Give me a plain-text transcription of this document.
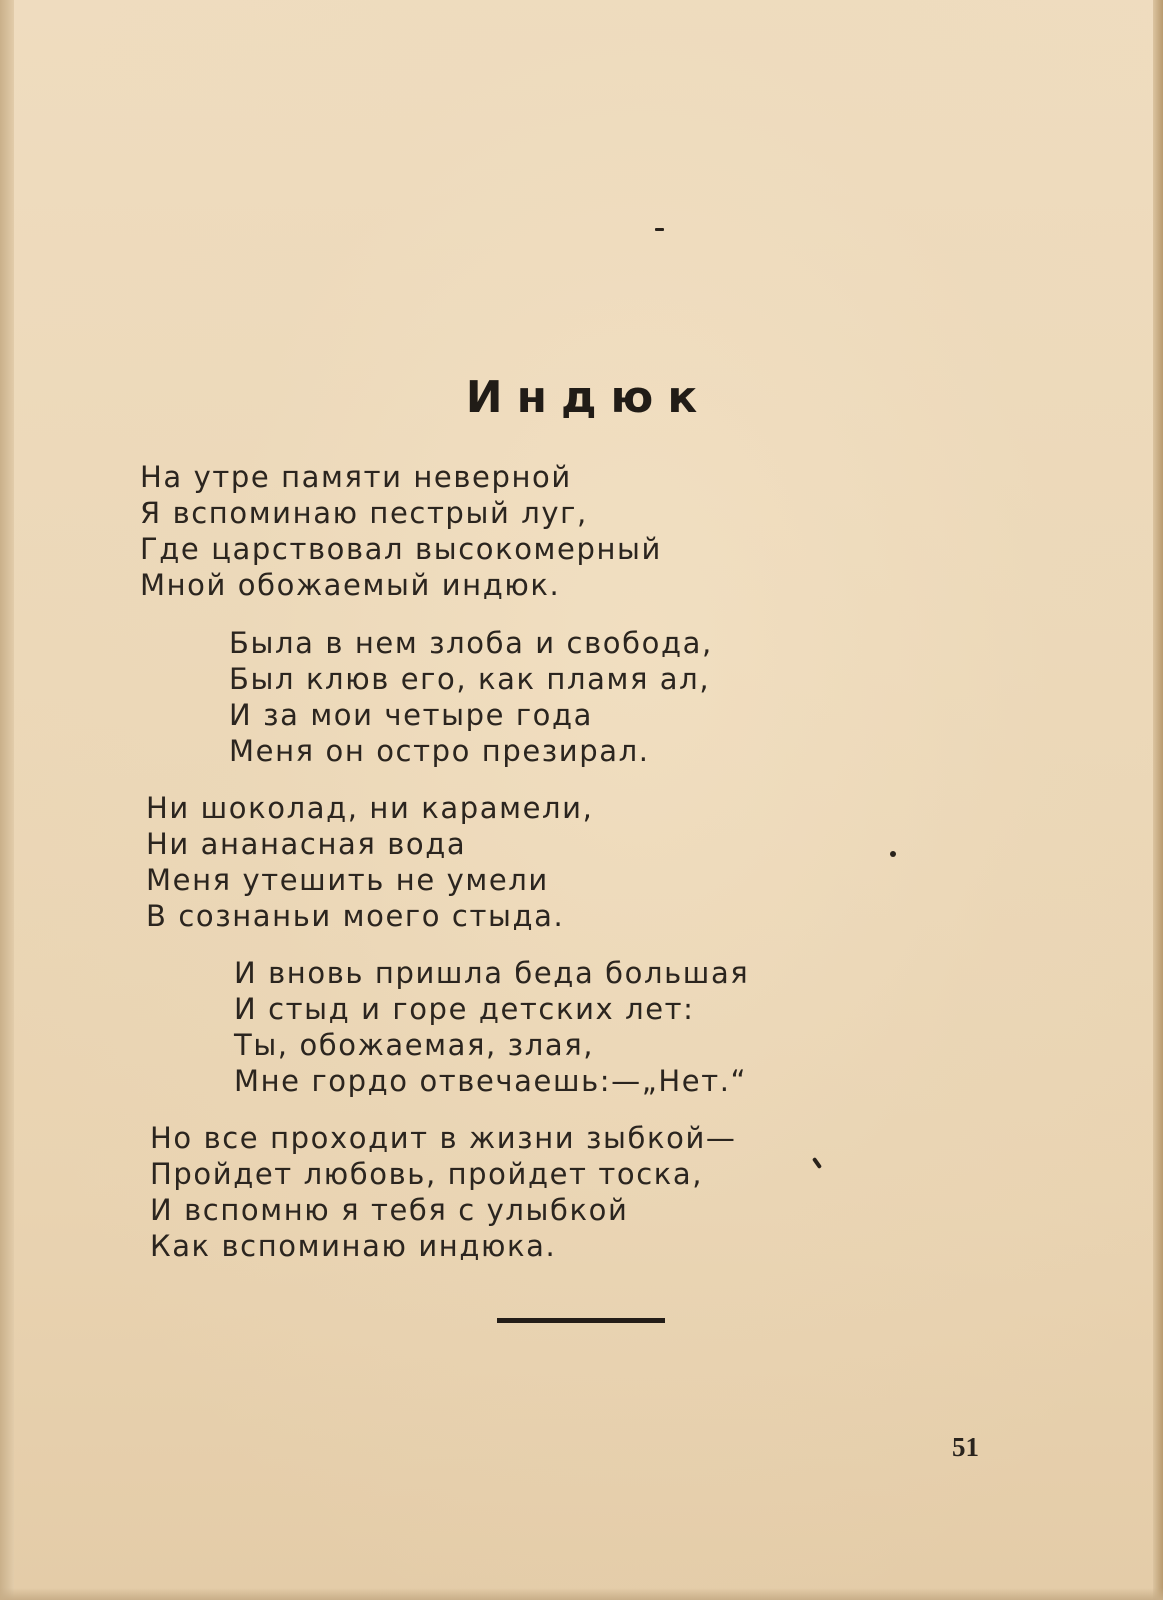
Индюк
На утре памяти неверной
Я вспоминаю пестрый луг,
Где царствовал высокомерный
Мной обожаемый индюк.
Была в нем злоба и свобода,
Был клюв его, как пламя ал,
И за мои четыре года
Меня он остро презирал.
Ни шоколад, ни карамели,
Ни ананасная вода
Меня утешить не умели
В сознаньи моего стыда.
И вновь пришла беда большая
И стыд и горе детских лет:
Ты, обожаемая, злая,
Мне гордо отвечаешь:—„Нет.“
Но все проходит в жизни зыбкой—
Пройдет любовь, пройдет тоска,
И вспомню я тебя с улыбкой
Как вспоминаю индюка.
51
